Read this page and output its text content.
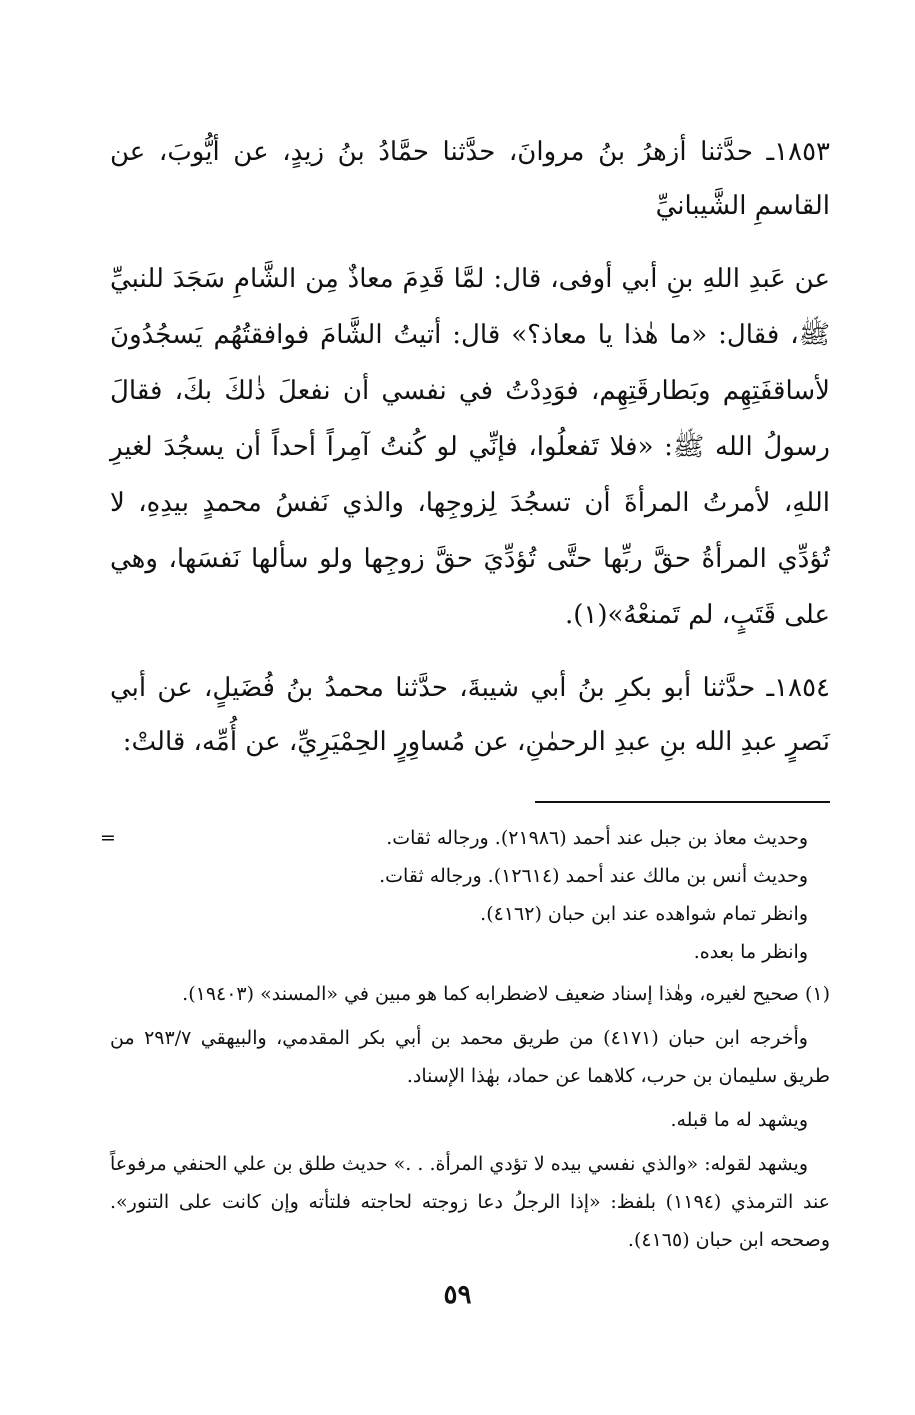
١٨٥٣ـ حدَّثنا أزهرُ بنُ مروانَ، حدَّثنا حمَّادُ بنُ زيدٍ، عن أيُّوبَ، عن القاسمِ الشَّيبانيِّ

عن عَبدِ اللهِ بنِ أبي أوفى، قال: لمَّا قَدِمَ معاذٌ مِن الشَّامِ سَجَدَ للنبيِّ ﷺ، فقال: «ما هٰذا يا معاذ؟» قال: أتيتُ الشَّامَ فوافقتُهُم يَسجُدُونَ لأساقفَتِهِم وبَطارقَتِهِم، فوَدِدْتُ في نفسي أن نفعلَ ذٰلكَ بكَ، فقالَ رسولُ الله ﷺ: «فلا تَفعلُوا، فإنِّي لو كُنتُ آمِراً أحداً أن يسجُدَ لغيرِ اللهِ، لأمرتُ المرأةَ أن تسجُدَ لِزوجِها، والذي نَفسُ محمدٍ بيدِهِ، لا تُؤدِّي المرأةُ حقَّ ربِّها حتَّى تُؤدِّيَ حقَّ زوجِها ولو سألها نَفسَها، وهي على قَتَبٍ، لم تَمنعْهُ»(١).

١٨٥٤ـ حدَّثنا أبو بكرِ بنُ أبي شيبةَ، حدَّثنا محمدُ بنُ فُضَيلٍ، عن أبي نَصرٍ عبدِ الله بنِ عبدِ الرحمٰنِ، عن مُساوِرٍ الحِمْيَرِيِّ، عن أُمِّه، قالتْ:

=	وحديث معاذ بن جبل عند أحمد (٢١٩٨٦). ورجاله ثقات.

وحديث أنس بن مالك عند أحمد (١٢٦١٤). ورجاله ثقات.

وانظر تمام شواهده عند ابن حبان (٤١٦٢).

وانظر ما بعده.

(١) صحيح لغيره، وهٰذا إسناد ضعيف لاضطرابه كما هو مبين في «المسند» (١٩٤٠٣).

وأخرجه ابن حبان (٤١٧١) من طريق محمد بن أبي بكر المقدمي، والبيهقي ٢٩٣/٧ من طريق سليمان بن حرب، كلاهما عن حماد، بهٰذا الإسناد.

ويشهد له ما قبله.

ويشهد لقوله: «والذي نفسي بيده لا تؤدي المرأة. . .» حديث طلق بن علي الحنفي مرفوعاً عند الترمذي (١١٩٤) بلفظ: «إذا الرجلُ دعا زوجته لحاجته فلتأته وإن كانت على التنور». وصححه ابن حبان (٤١٦٥).

٥٩
